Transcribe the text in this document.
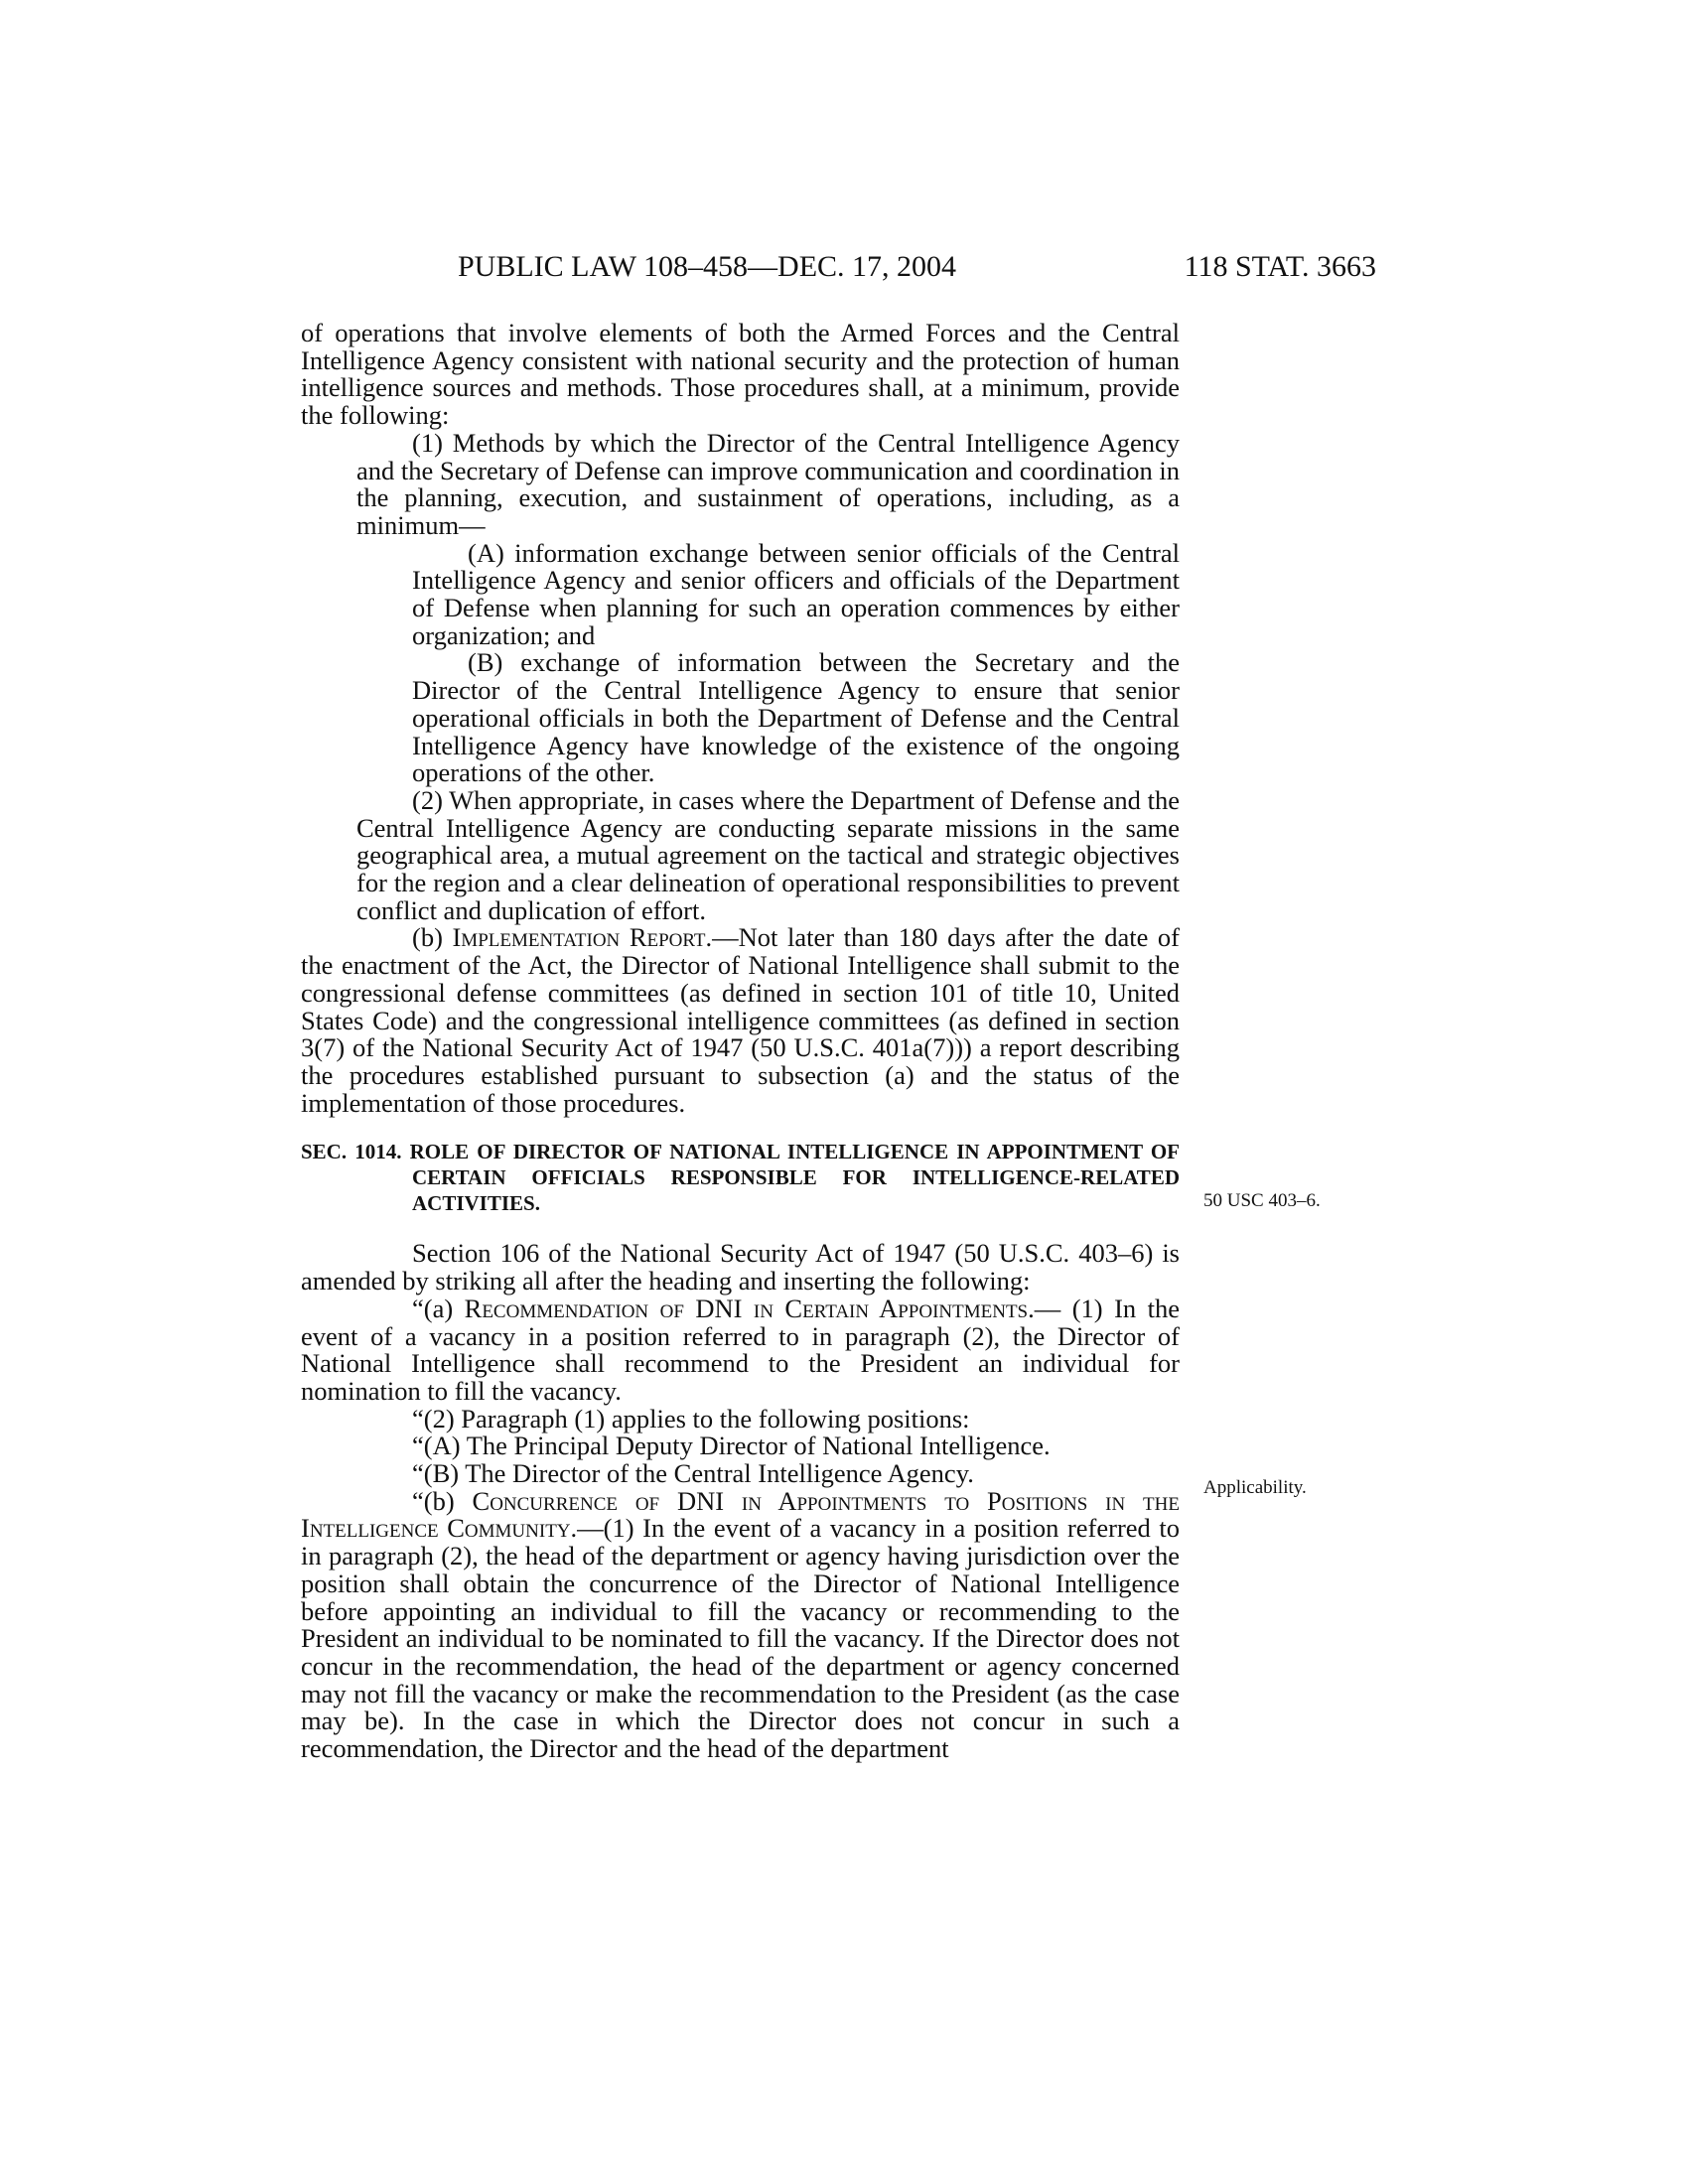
PUBLIC LAW 108–458—DEC. 17, 2004	118 STAT. 3663

of operations that involve elements of both the Armed Forces and the Central Intelligence Agency consistent with national security and the protection of human intelligence sources and methods. Those procedures shall, at a minimum, provide the following:

(1) Methods by which the Director of the Central Intelligence Agency and the Secretary of Defense can improve communication and coordination in the planning, execution, and sustainment of operations, including, as a minimum—

(A) information exchange between senior officials of the Central Intelligence Agency and senior officers and officials of the Department of Defense when planning for such an operation commences by either organization; and

(B) exchange of information between the Secretary and the Director of the Central Intelligence Agency to ensure that senior operational officials in both the Department of Defense and the Central Intelligence Agency have knowledge of the existence of the ongoing operations of the other.

(2) When appropriate, in cases where the Department of Defense and the Central Intelligence Agency are conducting separate missions in the same geographical area, a mutual agreement on the tactical and strategic objectives for the region and a clear delineation of operational responsibilities to prevent conflict and duplication of effort.

(b) Implementation Report.—Not later than 180 days after the date of the enactment of the Act, the Director of National Intelligence shall submit to the congressional defense committees (as defined in section 101 of title 10, United States Code) and the congressional intelligence committees (as defined in section 3(7) of the National Security Act of 1947 (50 U.S.C. 401a(7))) a report describing the procedures established pursuant to subsection (a) and the status of the implementation of those procedures.

SEC. 1014. ROLE OF DIRECTOR OF NATIONAL INTELLIGENCE IN APPOINTMENT OF CERTAIN OFFICIALS RESPONSIBLE FOR INTELLIGENCE-RELATED ACTIVITIES.

Section 106 of the National Security Act of 1947 (50 U.S.C. 403–6) is amended by striking all after the heading and inserting the following:

“(a) Recommendation of DNI in Certain Appointments.— (1) In the event of a vacancy in a position referred to in paragraph (2), the Director of National Intelligence shall recommend to the President an individual for nomination to fill the vacancy.

“(2) Paragraph (1) applies to the following positions:

“(A) The Principal Deputy Director of National Intelligence.

“(B) The Director of the Central Intelligence Agency.

“(b) Concurrence of DNI in Appointments to Positions in the Intelligence Community.—(1) In the event of a vacancy in a position referred to in paragraph (2), the head of the department or agency having jurisdiction over the position shall obtain the concurrence of the Director of National Intelligence before appointing an individual to fill the vacancy or recommending to the President an individual to be nominated to fill the vacancy. If the Director does not concur in the recommendation, the head of the department or agency concerned may not fill the vacancy or make the recommendation to the President (as the case may be). In the case in which the Director does not concur in such a recommendation, the Director and the head of the department

50 USC 403–6.
Applicability.
